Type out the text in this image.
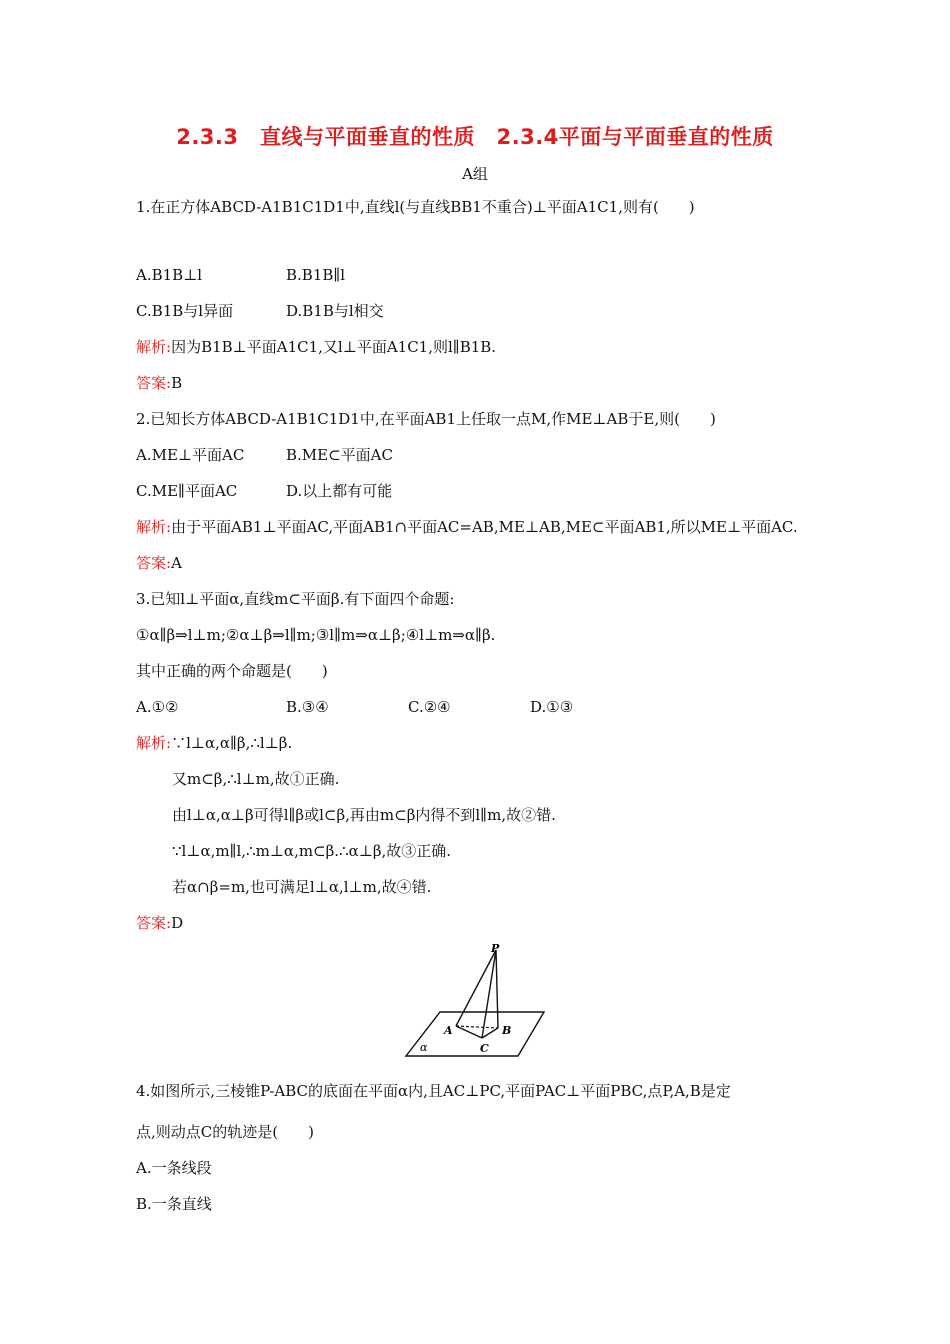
2.3.3　直线与平面垂直的性质　2.3.4平面与平面垂直的性质
A组
1.在正方体ABCD-A1B1C1D1中,直线l(与直线BB1不重合)⊥平面A1C1,则有(　　)
A.B1B⊥l	B.B1B∥l
C.B1B与l异面	D.B1B与l相交
解析:因为B1B⊥平面A1C1,又l⊥平面A1C1,则l∥B1B.
答案:B
2.已知长方体ABCD-A1B1C1D1中,在平面AB1上任取一点M,作ME⊥AB于E,则(　　)
A.ME⊥平面AC	B.ME⊂平面AC
C.ME∥平面AC	D.以上都有可能
解析:由于平面AB1⊥平面AC,平面AB1∩平面AC=AB,ME⊥AB,ME⊂平面AB1,所以ME⊥平面AC.
答案:A
3.已知l⊥平面α,直线m⊂平面β.有下面四个命题:
①α∥β⇒l⊥m;②α⊥β⇒l∥m;③l∥m⇒α⊥β;④l⊥m⇒α∥β.
其中正确的两个命题是(　　)
A.①②	B.③④	C.②④	D.①③
解析:∵l⊥α,α∥β,∴l⊥β.
又m⊂β,∴l⊥m,故①正确.
由l⊥α,α⊥β可得l∥β或l⊂β,再由m⊂β内得不到l∥m,故②错.
∵l⊥α,m∥l,∴m⊥α,m⊂β.∴α⊥β,故③正确.
若α∩β=m,也可满足l⊥α,l⊥m,故④错.
答案:D
P
A	B
C
α
4.如图所示,三棱锥P-ABC的底面在平面α内,且AC⊥PC,平面PAC⊥平面PBC,点P,A,B是定
点,则动点C的轨迹是(　　)
A.一条线段
B.一条直线
